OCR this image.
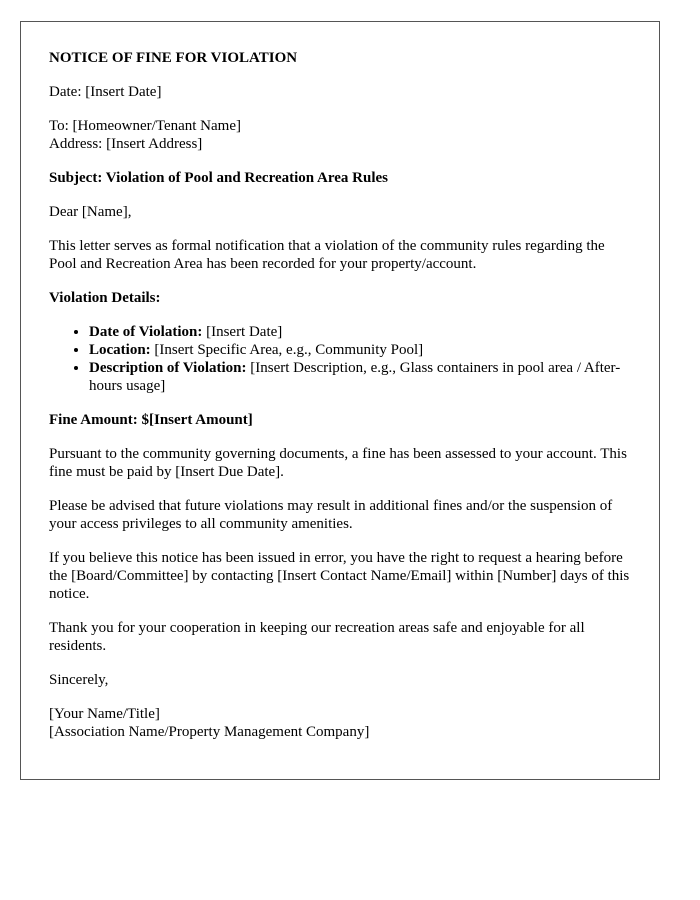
NOTICE OF FINE FOR VIOLATION

Date: [Insert Date]

To: [Homeowner/Tenant Name]
Address: [Insert Address]

Subject: Violation of Pool and Recreation Area Rules

Dear [Name],

This letter serves as formal notification that a violation of the community rules regarding the Pool and Recreation Area has been recorded for your property/account.

Violation Details:

• Date of Violation: [Insert Date]
• Location: [Insert Specific Area, e.g., Community Pool]
• Description of Violation: [Insert Description, e.g., Glass containers in pool area / After-hours usage]

Fine Amount: $[Insert Amount]

Pursuant to the community governing documents, a fine has been assessed to your account. This fine must be paid by [Insert Due Date].

Please be advised that future violations may result in additional fines and/or the suspension of your access privileges to all community amenities.

If you believe this notice has been issued in error, you have the right to request a hearing before the [Board/Committee] by contacting [Insert Contact Name/Email] within [Number] days of this notice.

Thank you for your cooperation in keeping our recreation areas safe and enjoyable for all residents.

Sincerely,

[Your Name/Title]
[Association Name/Property Management Company]
